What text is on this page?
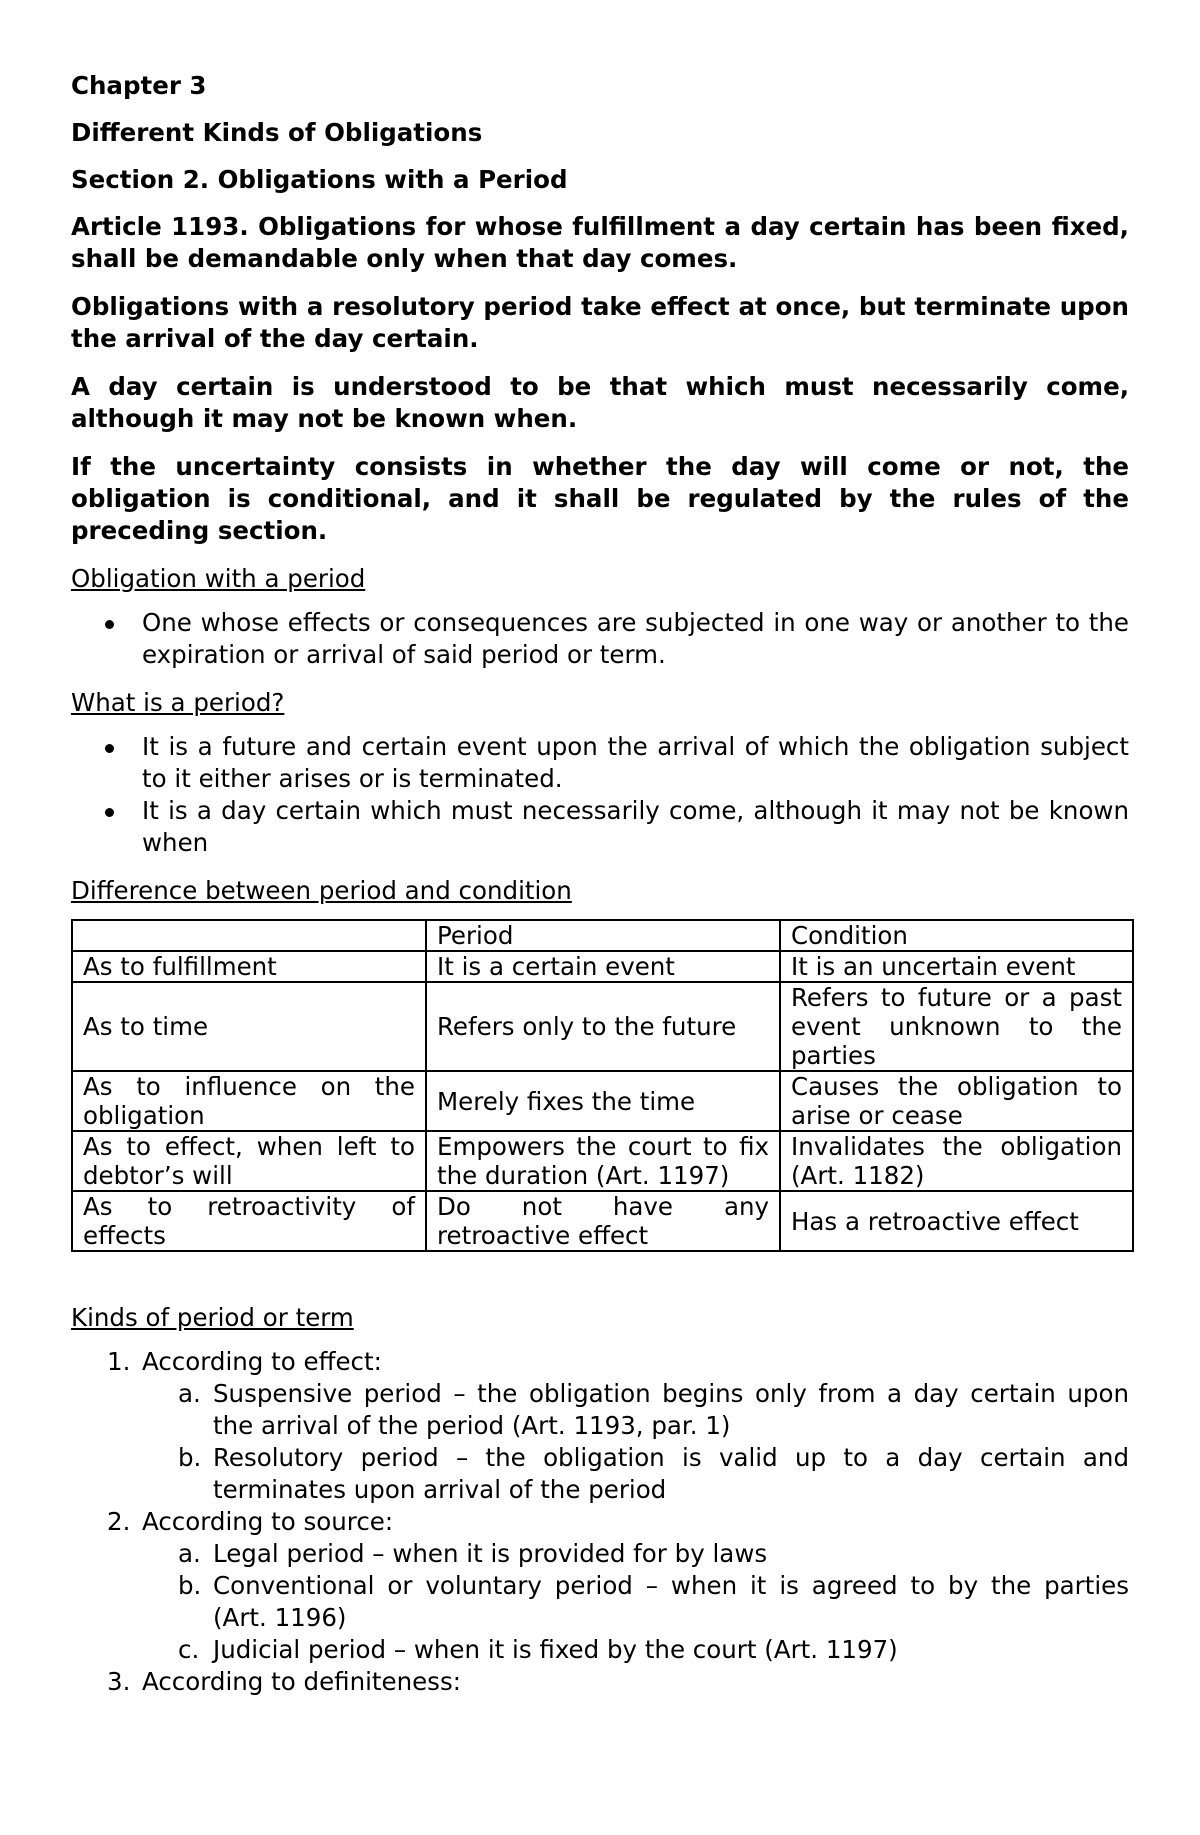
Chapter 3
Different Kinds of Obligations
Section 2. Obligations with a Period
Article 1193. Obligations for whose fulfillment a day certain has been fixed, shall be demandable only when that day comes.
Obligations with a resolutory period take effect at once, but terminate upon the arrival of the day certain.
A day certain is understood to be that which must necessarily come, although it may not be known when.
If the uncertainty consists in whether the day will come or not, the obligation is conditional, and it shall be regulated by the rules of the preceding section.
Obligation with a period
One whose effects or consequences are subjected in one way or another to the expiration or arrival of said period or term.
What is a period?
It is a future and certain event upon the arrival of which the obligation subject to it either arises or is terminated.
It is a day certain which must necessarily come, although it may not be known when
Difference between period and condition
	Period	Condition
As to fulfillment	It is a certain event	It is an uncertain event
As to time	Refers only to the future	Refers to future or a past event unknown to the parties
As to influence on the obligation	Merely fixes the time	Causes the obligation to arise or cease
As to effect, when left to debtor’s will	Empowers the court to fix the duration (Art. 1197)	Invalidates the obligation (Art. 1182)
As to retroactivity of effects	Do not have any retroactive effect	Has a retroactive effect
Kinds of period or term
1. According to effect:
a. Suspensive period – the obligation begins only from a day certain upon the arrival of the period (Art. 1193, par. 1)
b. Resolutory period – the obligation is valid up to a day certain and terminates upon arrival of the period
2. According to source:
a. Legal period – when it is provided for by laws
b. Conventional or voluntary period – when it is agreed to by the parties (Art. 1196)
c. Judicial period – when it is fixed by the court (Art. 1197)
3. According to definiteness:
